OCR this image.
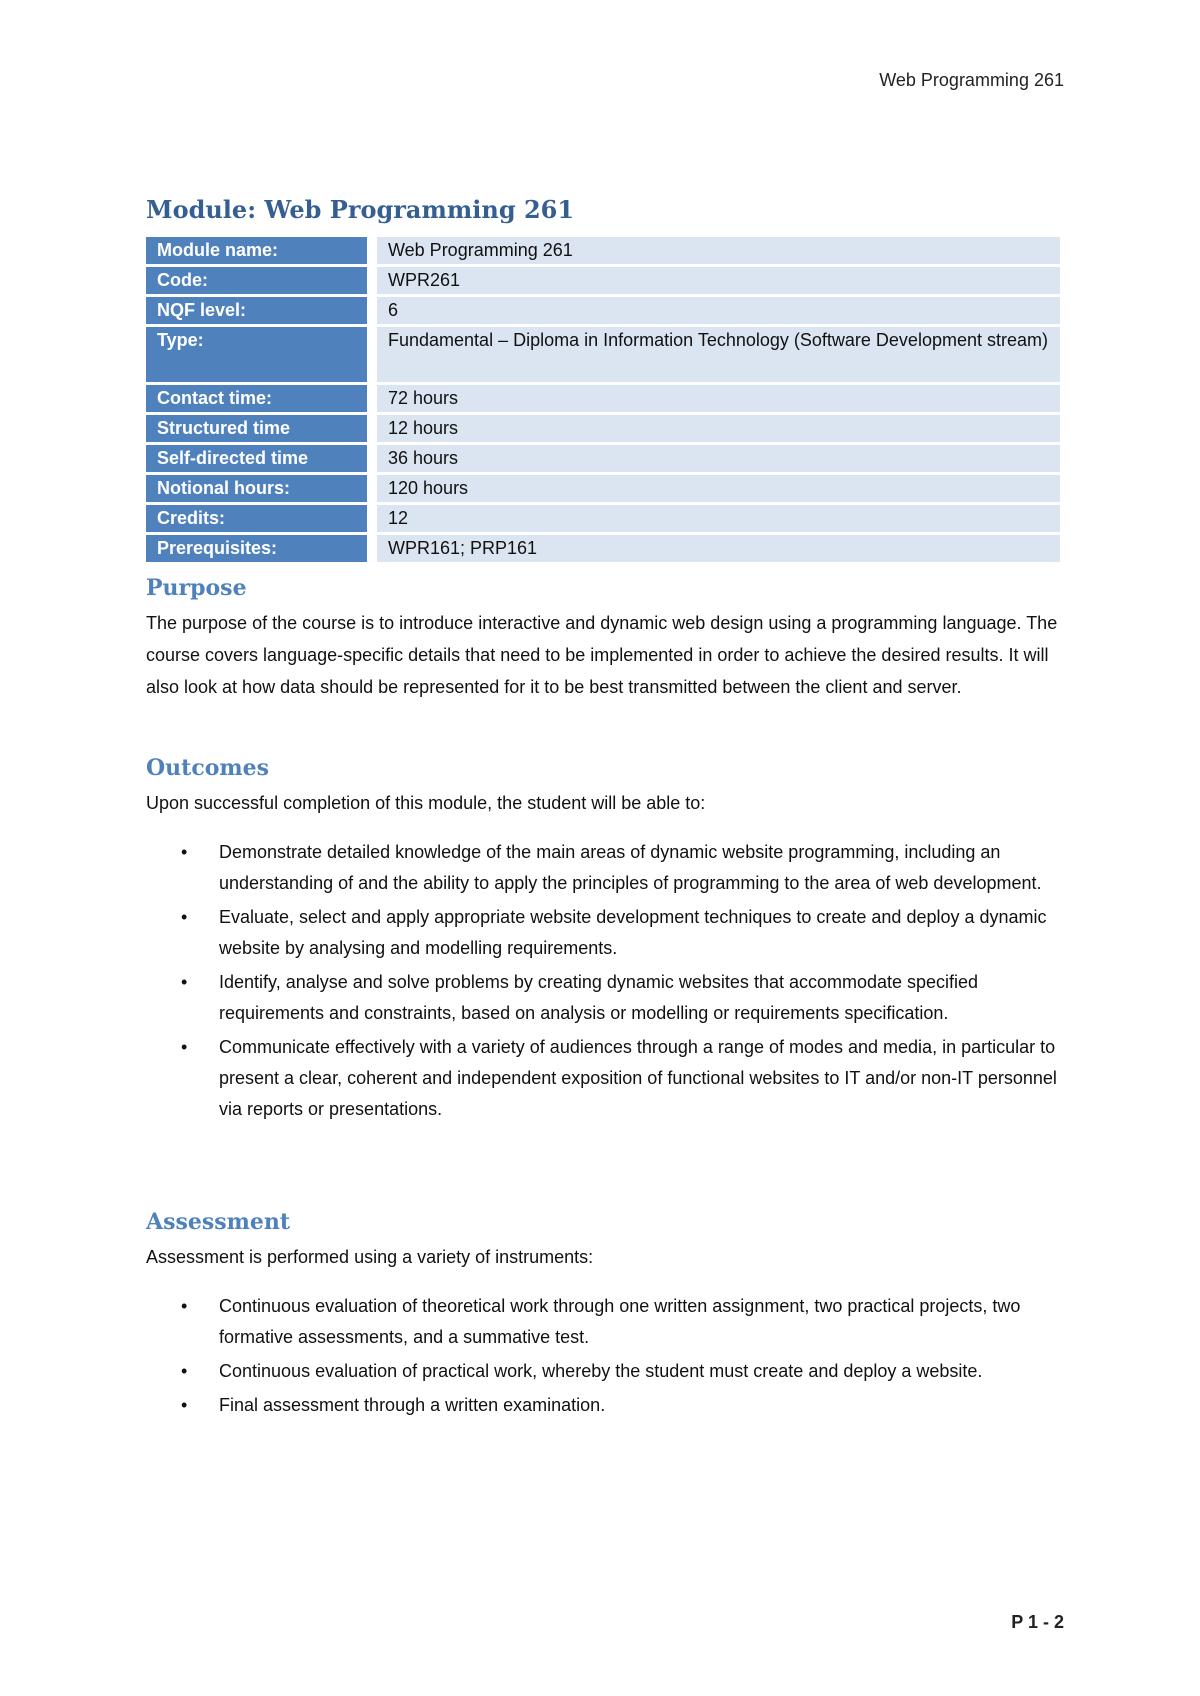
Web Programming 261
Module: Web Programming 261
Module name:	Web Programming 261
Code:	WPR261
NQF level:	6
Type:	Fundamental – Diploma in Information Technology (Software Development stream)
Contact time:	72 hours
Structured time	12 hours
Self-directed time	36 hours
Notional hours:	120 hours
Credits:	12
Prerequisites:	WPR161; PRP161
Purpose

The purpose of the course is to introduce interactive and dynamic web design using a programming language. The course covers language-specific details that need to be implemented in order to achieve the desired results. It will also look at how data should be represented for it to be best transmitted between the client and server.

Outcomes

Upon successful completion of this module, the student will be able to:

• Demonstrate detailed knowledge of the main areas of dynamic website programming, including an understanding of and the ability to apply the principles of programming to the area of web development.
• Evaluate, select and apply appropriate website development techniques to create and deploy a dynamic website by analysing and modelling requirements.
• Identify, analyse and solve problems by creating dynamic websites that accommodate specified requirements and constraints, based on analysis or modelling or requirements specification.
• Communicate effectively with a variety of audiences through a range of modes and media, in particular to present a clear, coherent and independent exposition of functional websites to IT and/or non-IT personnel via reports or presentations.
Assessment

Assessment is performed using a variety of instruments:

• Continuous evaluation of theoretical work through one written assignment, two practical projects, two formative assessments, and a summative test.
• Continuous evaluation of practical work, whereby the student must create and deploy a website.
• Final assessment through a written examination.
P 1 - 2
